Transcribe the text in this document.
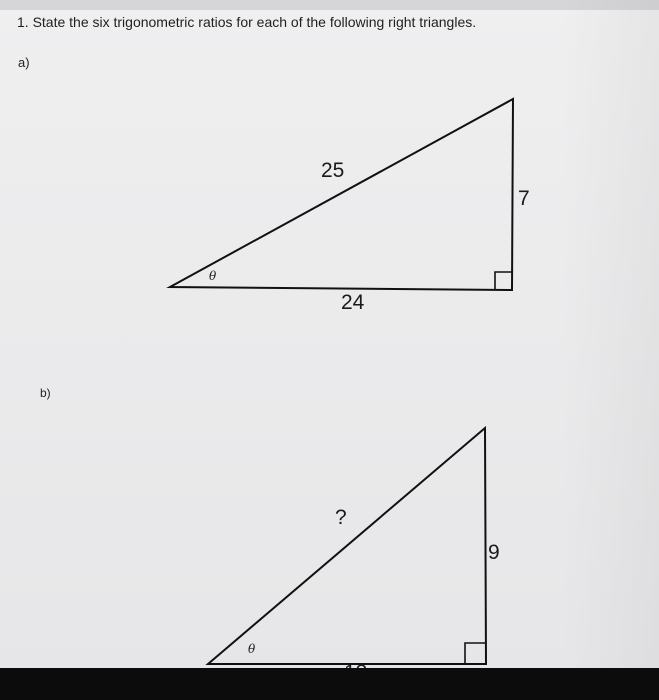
1. State the six trigonometric ratios for each of the following right triangles.
a)
25
7
24
θ
b)
?
9
θ
